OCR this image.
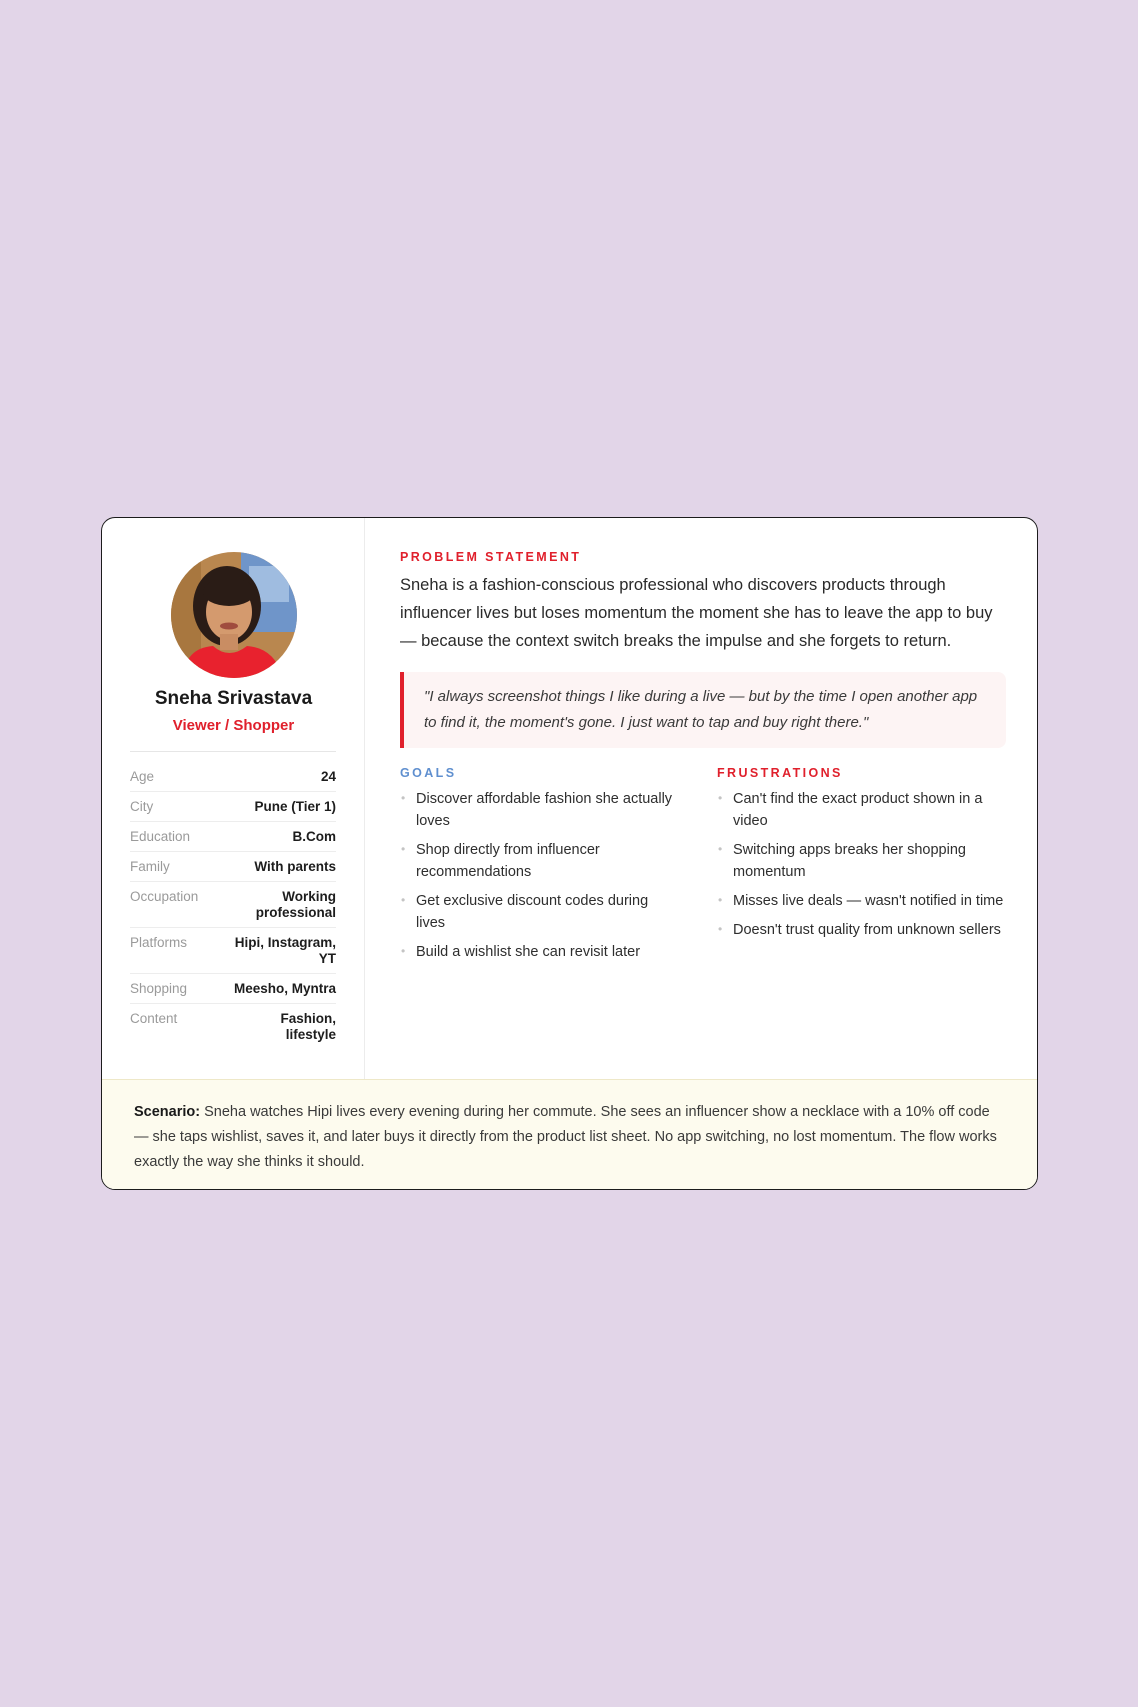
Sneha Srivastava
Viewer / Shopper
Age	24
City	Pune (Tier 1)
Education	B.Com
Family	With parents
Occupation	Working professional
Platforms	Hipi, Instagram, YT
Shopping	Meesho, Myntra
Content	Fashion, lifestyle
PROBLEM STATEMENT
Sneha is a fashion-conscious professional who discovers products through influencer lives but loses momentum the moment she has to leave the app to buy — because the context switch breaks the impulse and she forgets to return.
"I always screenshot things I like during a live — but by the time I open another app to find it, the moment's gone. I just want to tap and buy right there."
GOALS
• Discover affordable fashion she actually loves
• Shop directly from influencer recommendations
• Get exclusive discount codes during lives
• Build a wishlist she can revisit later
FRUSTRATIONS
• Can't find the exact product shown in a video
• Switching apps breaks her shopping momentum
• Misses live deals — wasn't notified in time
• Doesn't trust quality from unknown sellers
Scenario: Sneha watches Hipi lives every evening during her commute. She sees an influencer show a necklace with a 10% off code — she taps wishlist, saves it, and later buys it directly from the product list sheet. No app switching, no lost momentum. The flow works exactly the way she thinks it should.
